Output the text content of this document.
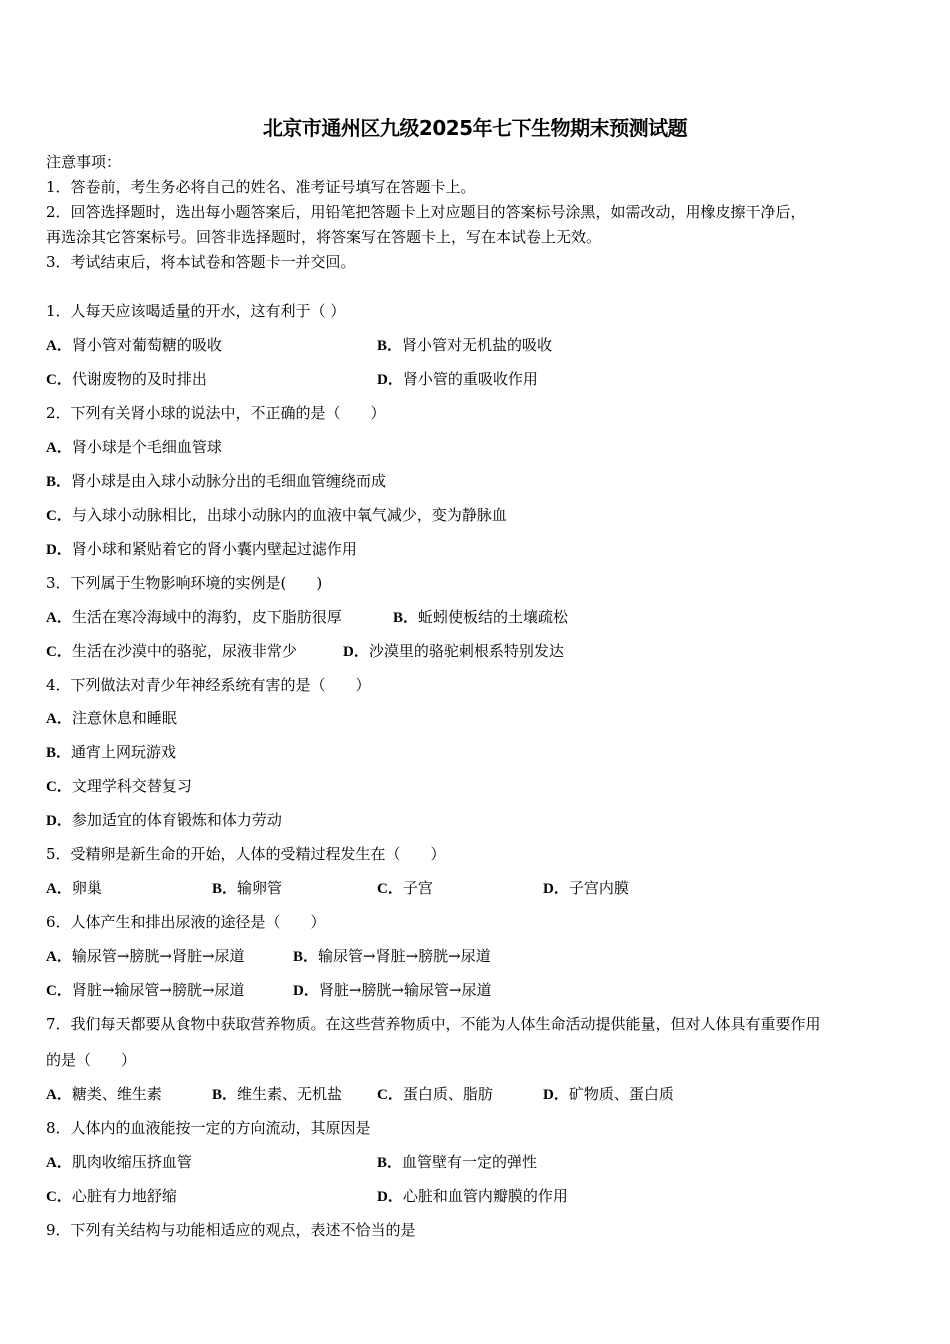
北京市通州区九级2025年七下生物期末预测试题
注意事项：
1．答卷前，考生务必将自己的姓名、准考证号填写在答题卡上。
2．回答选择题时，选出每小题答案后，用铅笔把答题卡上对应题目的答案标号涂黑，如需改动，用橡皮擦干净后，
再选涂其它答案标号。回答非选择题时，将答案写在答题卡上，写在本试卷上无效。
3．考试结束后，将本试卷和答题卡一并交回。
1．人每天应该喝适量的开水，这有利于（ ）
A．肾小管对葡萄糖的吸收	B．肾小管对无机盐的吸收
C．代谢废物的及时排出	D．肾小管的重吸收作用
2．下列有关肾小球的说法中，不正确的是（　　）
A．肾小球是个毛细血管球
B．肾小球是由入球小动脉分出的毛细血管缠绕而成
C．与入球小动脉相比，出球小动脉内的血液中氧气减少，变为静脉血
D．肾小球和紧贴着它的肾小囊内壁起过滤作用
3．下列属于生物影响环境的实例是(　　)
A．生活在寒冷海域中的海豹，皮下脂肪很厚	B．蚯蚓使板结的土壤疏松
C．生活在沙漠中的骆驼，尿液非常少	D．沙漠里的骆驼刺根系特别发达
4．下列做法对青少年神经系统有害的是（　　）
A．注意休息和睡眠
B．通宵上网玩游戏
C．文理学科交替复习
D．参加适宜的体育锻炼和体力劳动
5．受精卵是新生命的开始，人体的受精过程发生在（　　）
A．卵巢	B．输卵管	C．子宫	D．子宫内膜
6．人体产生和排出尿液的途径是（　　）
A．输尿管→膀胱→肾脏→尿道	B．输尿管→肾脏→膀胱→尿道
C．肾脏→输尿管→膀胱→尿道	D．肾脏→膀胱→输尿管→尿道
7．我们每天都要从食物中获取营养物质。在这些营养物质中，不能为人体生命活动提供能量，但对人体具有重要作用
的是（　　）
A．糖类、维生素	B．维生素、无机盐 C．蛋白质、脂肪	D．矿物质、蛋白质
8．人体内的血液能按一定的方向流动，其原因是
A．肌肉收缩压挤血管	B．血管壁有一定的弹性
C．心脏有力地舒缩	D．心脏和血管内瓣膜的作用
9．下列有关结构与功能相适应的观点，表述不恰当的是
